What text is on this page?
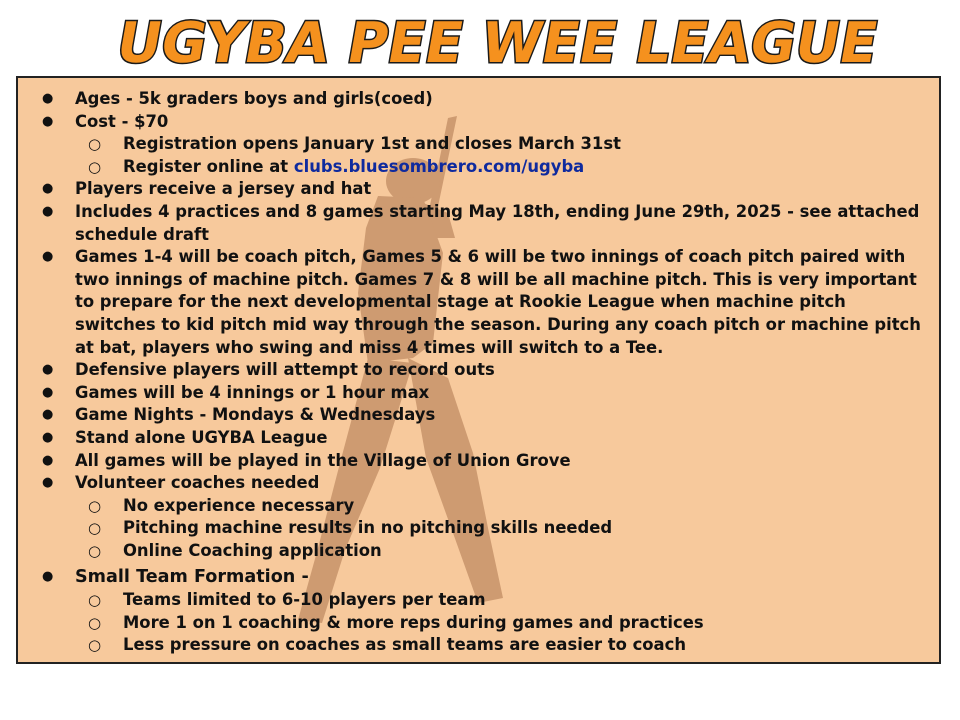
UGYBA PEE WEE LEAGUE
● Ages - 5k graders boys and girls(coed)
● Cost - $70
○ Registration opens January 1st and closes March 31st
○ Register online at clubs.bluesombrero.com/ugyba
● Players receive a jersey and hat
● Includes 4 practices and 8 games starting May 18th, ending June 29th, 2025 - see attached schedule draft
● Games 1-4 will be coach pitch, Games 5 & 6 will be two innings of coach pitch paired with two innings of machine pitch. Games 7 & 8 will be all machine pitch. This is very important to prepare for the next developmental stage at Rookie League when machine pitch switches to kid pitch mid way through the season. During any coach pitch or machine pitch at bat, players who swing and miss 4 times will switch to a Tee.
● Defensive players will attempt to record outs
● Games will be 4 innings or 1 hour max
● Game Nights - Mondays & Wednesdays
● Stand alone UGYBA League
● All games will be played in the Village of Union Grove
● Volunteer coaches needed
○ No experience necessary
○ Pitching machine results in no pitching skills needed
○ Online Coaching application
● Small Team Formation -
○ Teams limited to 6-10 players per team
○ More 1 on 1 coaching & more reps during games and practices
○ Less pressure on coaches as small teams are easier to coach
